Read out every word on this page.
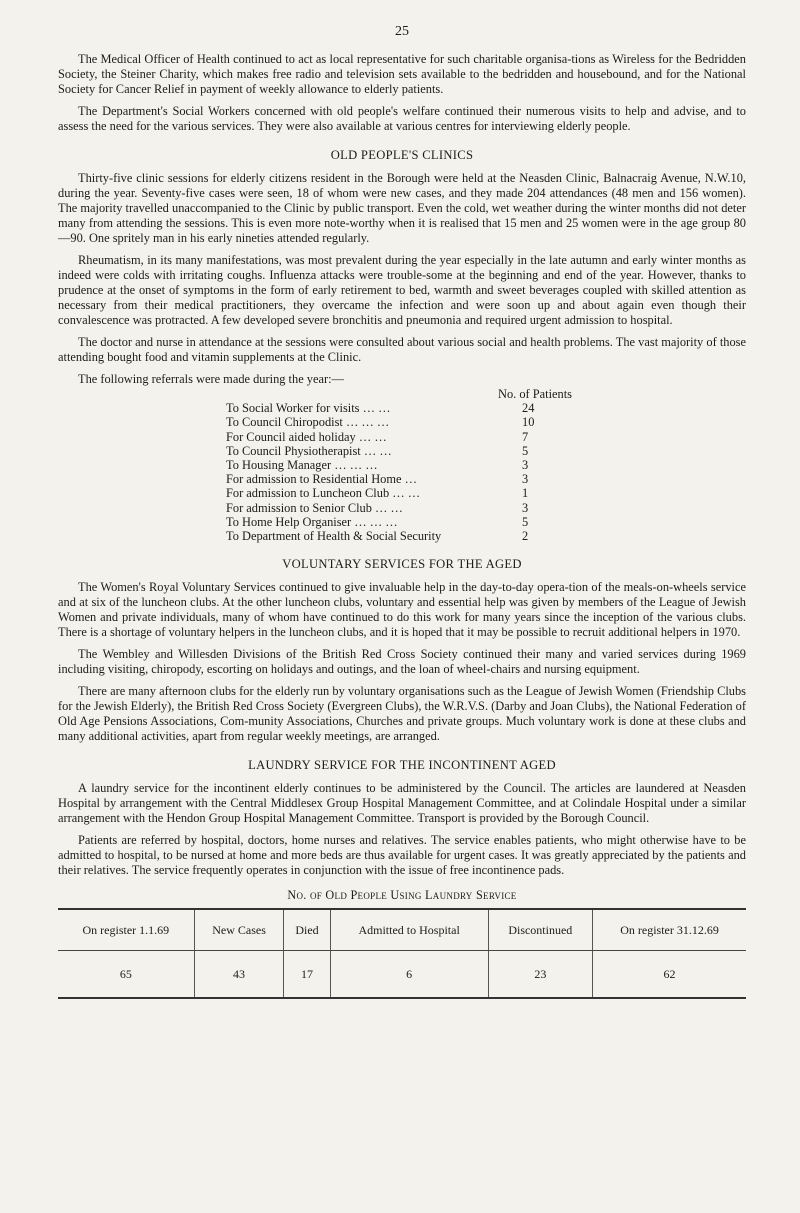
25

The Medical Officer of Health continued to act as local representative for such charitable organisa-tions as Wireless for the Bedridden Society, the Steiner Charity, which makes free radio and television sets available to the bedridden and housebound, and for the National Society for Cancer Relief in payment of weekly allowance to elderly patients.

The Department's Social Workers concerned with old people's welfare continued their numerous visits to help and advise, and to assess the need for the various services. They were also available at various centres for interviewing elderly people.

OLD PEOPLE'S CLINICS

Thirty-five clinic sessions for elderly citizens resident in the Borough were held at the Neasden Clinic, Balnacraig Avenue, N.W.10, during the year. Seventy-five cases were seen, 18 of whom were new cases, and they made 204 attendances (48 men and 156 women). The majority travelled unaccompanied to the Clinic by public transport. Even the cold, wet weather during the winter months did not deter many from attending the sessions. This is even more note-worthy when it is realised that 15 men and 25 women were in the age group 80—90. One spritely man in his early nineties attended regularly.

Rheumatism, in its many manifestations, was most prevalent during the year especially in the late autumn and early winter months as indeed were colds with irritating coughs. Influenza attacks were trouble-some at the beginning and end of the year. However, thanks to prudence at the onset of symptoms in the form of early retirement to bed, warmth and sweet beverages coupled with skilled attention as necessary from their medical practitioners, they overcame the infection and were soon up and about again even though their convalescence was protracted. A few developed severe bronchitis and pneumonia and required urgent admission to hospital.

The doctor and nurse in attendance at the sessions were consulted about various social and health problems. The vast majority of those attending bought food and vitamin supplements at the Clinic.

The following referrals were made during the year:—

No. of Patients
To Social Worker for visits … …	24
To Council Chiropodist … … …	10
For Council aided holiday … …	7
To Council Physiotherapist … …	5
To Housing Manager … … …	3
For admission to Residential Home …	3
For admission to Luncheon Club … …	1
For admission to Senior Club … …	3
To Home Help Organiser … … …	5
To Department of Health & Social Security	2
VOLUNTARY SERVICES FOR THE AGED

The Women's Royal Voluntary Services continued to give invaluable help in the day-to-day opera-tion of the meals-on-wheels service and at six of the luncheon clubs. At the other luncheon clubs, voluntary and essential help was given by members of the League of Jewish Women and private individuals, many of whom have continued to do this work for many years since the inception of the various clubs. There is a shortage of voluntary helpers in the luncheon clubs, and it is hoped that it may be possible to recruit additional helpers in 1970.

The Wembley and Willesden Divisions of the British Red Cross Society continued their many and varied services during 1969 including visiting, chiropody, escorting on holidays and outings, and the loan of wheel-chairs and nursing equipment.

There are many afternoon clubs for the elderly run by voluntary organisations such as the League of Jewish Women (Friendship Clubs for the Jewish Elderly), the British Red Cross Society (Evergreen Clubs), the W.R.V.S. (Darby and Joan Clubs), the National Federation of Old Age Pensions Associations, Com-munity Associations, Churches and private groups. Much voluntary work is done at these clubs and many additional activities, apart from regular weekly meetings, are arranged.

LAUNDRY SERVICE FOR THE INCONTINENT AGED

A laundry service for the incontinent elderly continues to be administered by the Council. The articles are laundered at Neasden Hospital by arrangement with the Central Middlesex Group Hospital Management Committee, and at Colindale Hospital under a similar arrangement with the Hendon Group Hospital Management Committee. Transport is provided by the Borough Council.

Patients are referred by hospital, doctors, home nurses and relatives. The service enables patients, who might otherwise have to be admitted to hospital, to be nursed at home and more beds are thus available for urgent cases. It was greatly appreciated by the patients and their relatives. The service frequently operates in conjunction with the issue of free incontinence pads.

No. of Old People Using Laundry Service
On register 1.1.69	New Cases	Died	Admitted to Hospital	Discontinued	On register 31.12.69
65	43	17	6	23	62
